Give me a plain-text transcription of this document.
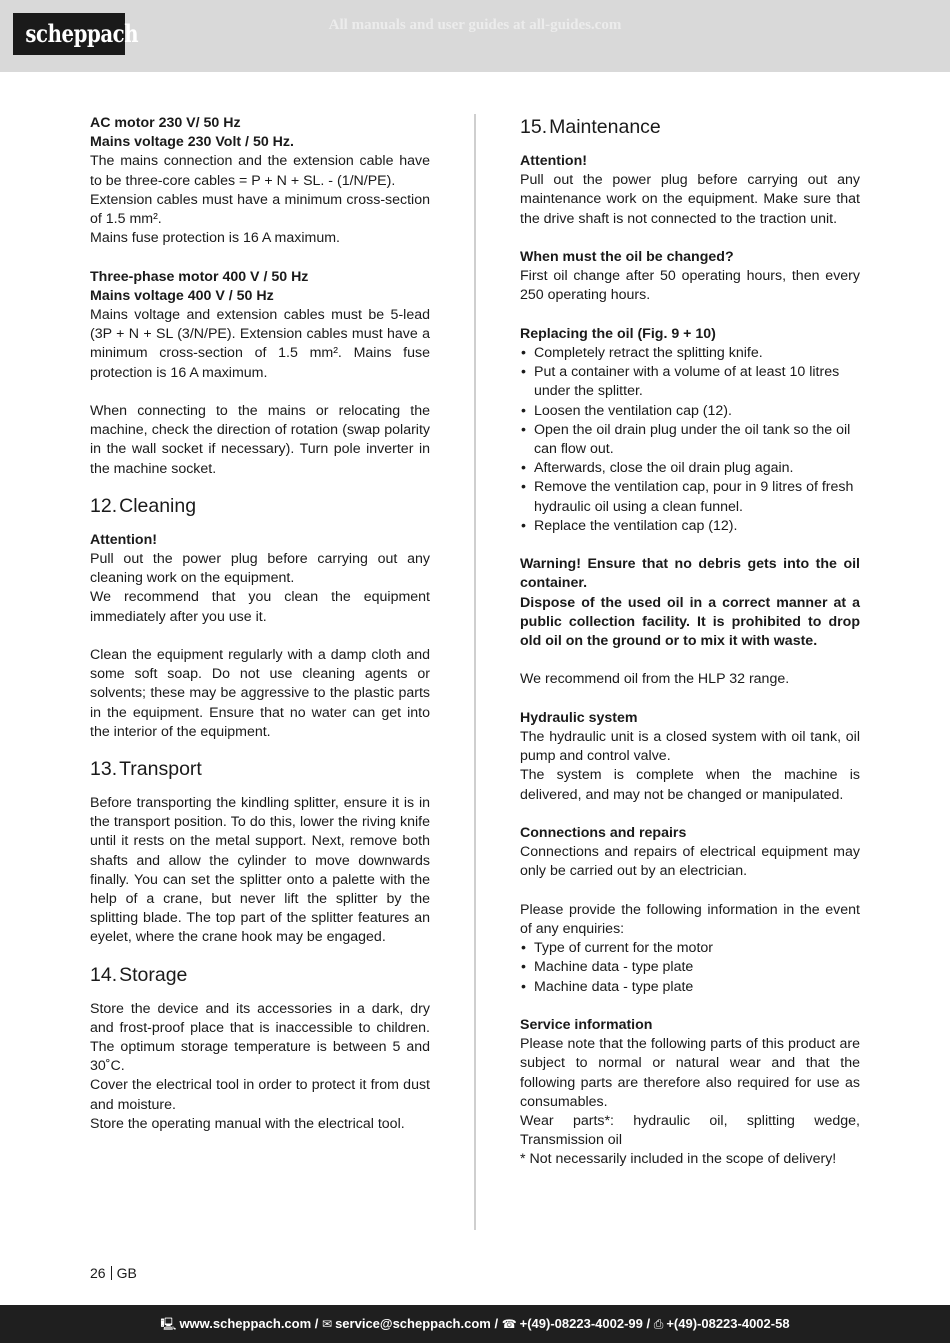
scheppach	All manuals and user guides at all-guides.com

AC motor 230 V/ 50 Hz

Mains voltage 230 Volt / 50 Hz.

The mains connection and the extension cable have to be three-core cables = P + N + SL. - (1/N/PE).

Extension cables must have a minimum cross-section of 1.5 mm².

Mains fuse protection is 16 A maximum.

Three-phase motor 400 V / 50 Hz

Mains voltage 400 V / 50 Hz

Mains voltage and extension cables must be 5-lead (3P + N + SL (3/N/PE). Extension cables must have a minimum cross-section of 1.5 mm². Mains fuse protection is 16 A maximum.

When connecting to the mains or relocating the machine, check the direction of rotation (swap polarity in the wall socket if necessary). Turn pole inverter in the machine socket.

12. Cleaning

Attention!

Pull out the power plug before carrying out any cleaning work on the equipment.

We recommend that you clean the equipment immediately after you use it.

Clean the equipment regularly with a damp cloth and some soft soap. Do not use cleaning agents or solvents; these may be aggressive to the plastic parts in the equipment. Ensure that no water can get into the interior of the equipment.

13. Transport

Before transporting the kindling splitter, ensure it is in the transport position. To do this, lower the riving knife until it rests on the metal support. Next, remove both shafts and allow the cylinder to move downwards finally. You can set the splitter onto a palette with the help of a crane, but never lift the splitter by the splitting blade. The top part of the splitter features an eyelet, where the crane hook may be engaged.

14. Storage

Store the device and its accessories in a dark, dry and frost-proof place that is inaccessible to children. The optimum storage temperature is between 5 and 30˚C.

Cover the electrical tool in order to protect it from dust and moisture.

Store the operating manual with the electrical tool.

15. Maintenance

Attention!

Pull out the power plug before carrying out any maintenance work on the equipment. Make sure that the drive shaft is not connected to the traction unit.

When must the oil be changed?

First oil change after 50 operating hours, then every 250 operating hours.

Replacing the oil (Fig. 9 + 10)

• Completely retract the splitting knife.
• Put a container with a volume of at least 10 litres under the splitter.
• Loosen the ventilation cap (12).
• Open the oil drain plug under the oil tank so the oil can flow out.
• Afterwards, close the oil drain plug again.
• Remove the ventilation cap, pour in 9 litres of fresh hydraulic oil using a clean funnel.
• Replace the ventilation cap (12).

Warning! Ensure that no debris gets into the oil container.

Dispose of the used oil in a correct manner at a public collection facility. It is prohibited to drop old oil on the ground or to mix it with waste.

We recommend oil from the HLP 32 range.

Hydraulic system

The hydraulic unit is a closed system with oil tank, oil pump and control valve.

The system is complete when the machine is delivered, and may not be changed or manipulated.

Connections and repairs

Connections and repairs of electrical equipment may only be carried out by an electrician.

Please provide the following information in the event of any enquiries:

• Type of current for the motor
• Machine data - type plate
• Machine data - type plate

Service information

Please note that the following parts of this product are subject to normal or natural wear and that the following parts are therefore also required for use as consumables.

Wear parts*: hydraulic oil, splitting wedge, Transmission oil

* Not necessarily included in the scope of delivery!

26 GB
🖳 www.scheppach.com / ✉ service@scheppach.com / ☎ +(49)-08223-4002-99 / ⎙ +(49)-08223-4002-58
